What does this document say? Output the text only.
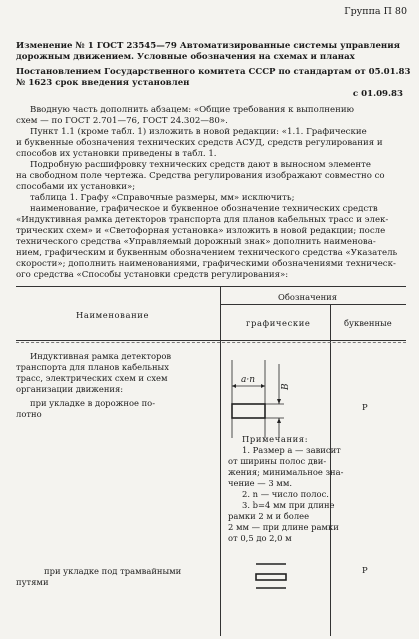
Группа П 80
Изменение № 1 ГОСТ 23545—79 Автоматизированные системы управления
дорожным движением. Условные обозначения на схемах и планах
Постановлением Государственного комитета СССР по стандартам от 05.01.83
№ 1623 срок введения установлен
с 01.09.83
Вводную часть дополнить абзацем: «Общие требования к выполнению
схем — по ГОСТ 2.701—76, ГОСТ 24.302—80».
Пункт 1.1 (кроме табл. 1) изложить в новой редакции: «1.1. Графические
и буквенные обозначения технических средств АСУД, средств регулирования и
способов их установки приведены в табл. 1.
Подробную расшифровку технических средств дают в выносном элементе
на свободном поле чертежа. Средства регулирования изображают совместно со
способами их установки»;
таблица 1. Графу «Справочные размеры, мм» исключить;
наименование, графическое и буквенное обозначение технических средств
«Индуктивная рамка детекторов транспорта для планов кабельных трасс и элек-
трических схем» и «Светофорная установка» изложить в новой редакции; после
технического средства «Управляемый дорожный знак» дополнить наименова-
нием, графическим и буквенным обозначением технического средства «Указатель
скорости»; дополнить наименованиями, графическими обозначениями техническ-
ого средства «Способы установки средств регулирования»:
Наименование
Обозначения
графические	буквенные
Индуктивная рамка детекторов
транспорта для планов кабельных
трасс, электрических схем и схем
организации движения:
при укладке в дорожное по-
лотно
a·n
B
P
Примечания:
1. Размер a — зависит
от ширины полос дви-
жения; минимальное зна-
чение — 3 мм.
2. n — число полос.
3. b=4 мм при длине
рамки 2 м и более
2 мм — при длине рамки
от 0,5 до 2,0 м
при укладке под трамвайными
путями
P
